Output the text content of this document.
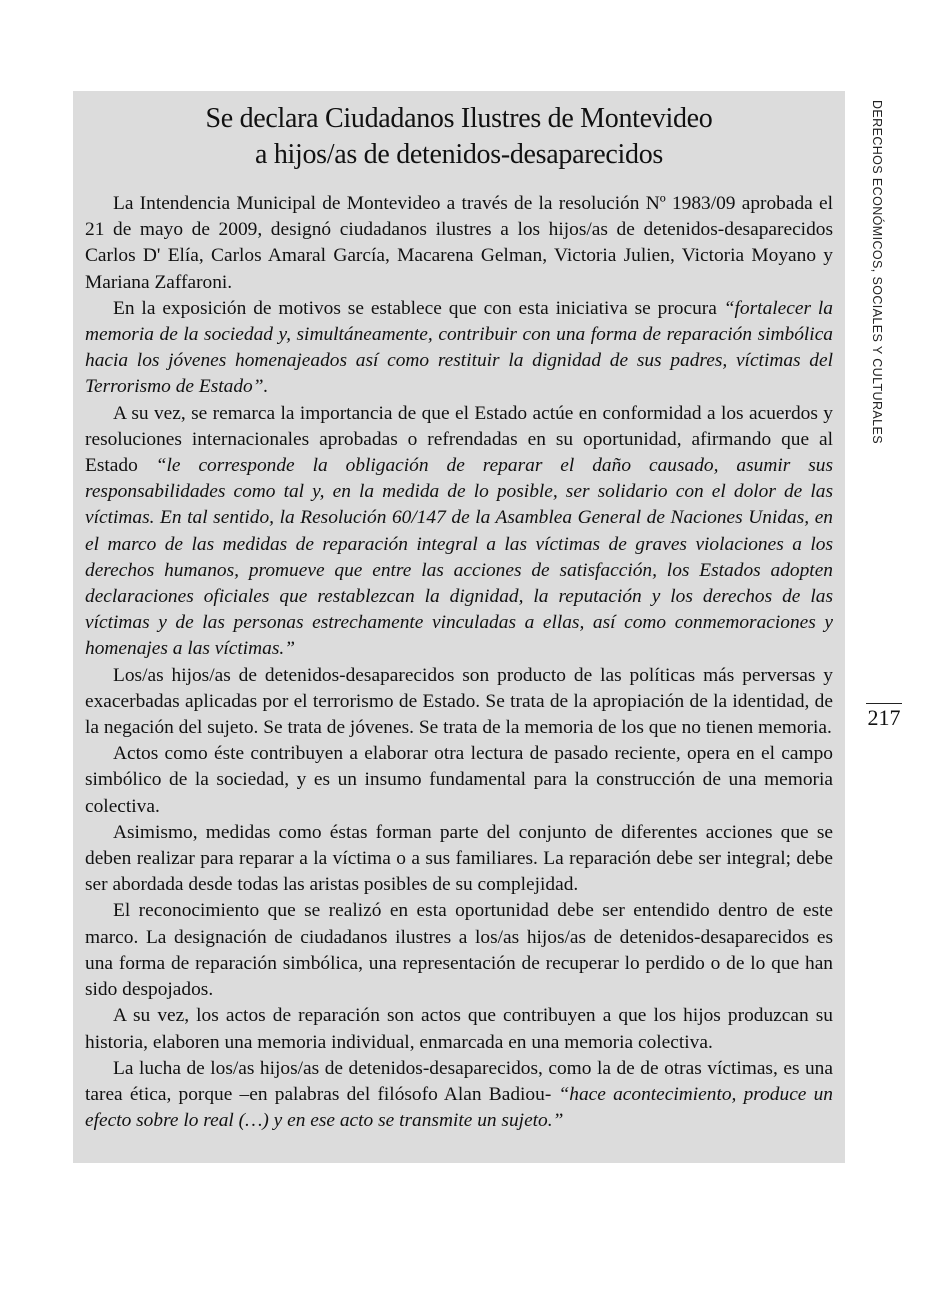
Se declara Ciudadanos Ilustres de Montevideo
a hijos/as de detenidos-desaparecidos

La Intendencia Municipal de Montevideo a través de la resolución Nº 1983/09 aprobada el 21 de mayo de 2009, designó ciudadanos ilustres a los hijos/as de detenidos-desaparecidos Carlos D' Elía, Carlos Amaral García, Macarena Gelman, Victoria Julien, Victoria Moyano y Mariana Zaffaroni.

En la exposición de motivos se establece que con esta iniciativa se procura “fortalecer la memoria de la sociedad y, simultáneamente, contribuir con una forma de reparación simbólica hacia los jóvenes homenajeados así como restituir la dignidad de sus padres, víctimas del Terrorismo de Estado”.

A su vez, se remarca la importancia de que el Estado actúe en conformidad a los acuerdos y resoluciones internacionales aprobadas o refrendadas en su oportunidad, afirmando que al Estado “le corresponde la obligación de reparar el daño causado, asumir sus responsabilidades como tal y, en la medida de lo posible, ser solidario con el dolor de las víctimas. En tal sentido, la Resolución 60/147 de la Asamblea General de Naciones Unidas, en el marco de las medidas de reparación integral a las víctimas de graves violaciones a los derechos humanos, promueve que entre las acciones de satisfacción, los Estados adopten declaraciones oficiales que restablezcan la dignidad, la reputación y los derechos de las víctimas y de las personas estrechamente vinculadas a ellas, así como conmemoraciones y homenajes a las víctimas.”

Los/as hijos/as de detenidos-desaparecidos son producto de las políticas más perversas y exacerbadas aplicadas por el terrorismo de Estado. Se trata de la apropiación de la identidad, de la negación del sujeto. Se trata de jóvenes. Se trata de la memoria de los que no tienen memoria.

Actos como éste contribuyen a elaborar otra lectura de pasado reciente, opera en el campo simbólico de la sociedad, y es un insumo fundamental para la construcción de una memoria colectiva.

Asimismo, medidas como éstas forman parte del conjunto de diferentes acciones que se deben realizar para reparar a la víctima o a sus familiares. La reparación debe ser integral; debe ser abordada desde todas las aristas posibles de su complejidad.

El reconocimiento que se realizó en esta oportunidad debe ser entendido dentro de este marco. La designación de ciudadanos ilustres a los/as hijos/as de detenidos-desaparecidos es una forma de reparación simbólica, una representación de recuperar lo perdido o de lo que han sido despojados.

A su vez, los actos de reparación son actos que contribuyen a que los hijos produzcan su historia, elaboren una memoria individual, enmarcada en una memoria colectiva.

La lucha de los/as hijos/as de detenidos-desaparecidos, como la de de otras víctimas, es una tarea ética, porque –en palabras del filósofo Alan Badiou- “hace acontecimiento, produce un efecto sobre lo real (…) y en ese acto se transmite un sujeto.”

DERECHOS ECONÓMICOS, SOCIALES Y CULTURALES
217
